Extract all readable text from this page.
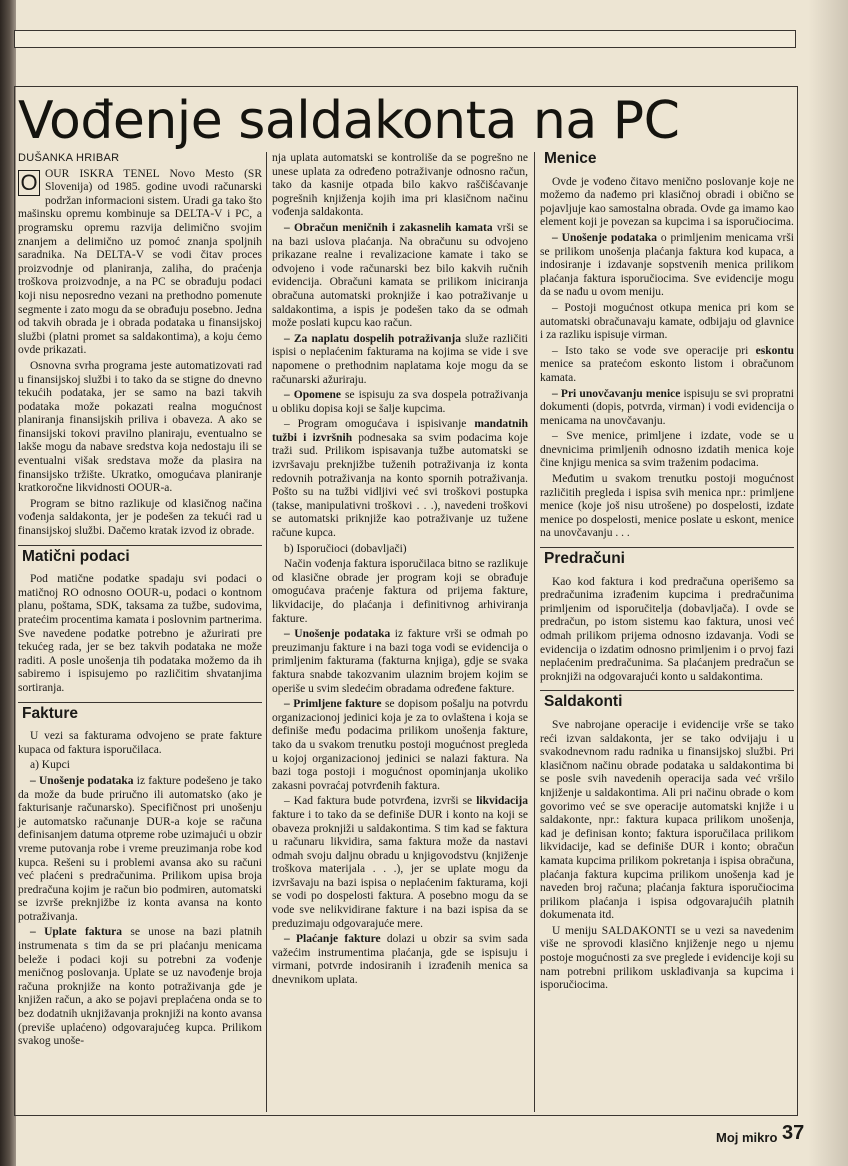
Vođenje saldakonta na PC

DUŠANKA HRIBAR

O OUR ISKRA TENEL Novo Mesto (SR Slovenija) od 1985. godine uvodi računarski podržan informacioni sistem. Uradi ga tako što mašinsku opremu kombinuje sa DELTA-V i PC, a programsku opremu razvija delimično svojim znanjem a delimično uz pomoć znanja spoljnih saradnika. Na DELTA-V se vodi čitav proces proizvodnje od planiranja, zaliha, do praćenja troškova proizvodnje, a na PC se obrađuju podaci koji nisu neposredno vezani na prethodno pomenute segmente i zato mogu da se obrađuju posebno. Jedna od takvih obrada je i obrada podataka u finansijskoj službi (platni promet sa saldakontima), a koju ćemo ovde prikazati.

Osnovna svrha programa jeste automatizovati rad u finansijskoj službi i to tako da se stigne do dnevno tekućih podataka, jer se samo na bazi takvih podataka može pokazati realna mogućnost planiranja finansijskih priliva i obaveza. A ako se finansijski tokovi pravilno planiraju, eventualno se lakše mogu da nabave sredstva koja nedostaju ili se eventualni višak sredstava može da plasira na finansijsko tržište. Ukratko, omogućava planiranje kratkoročne likvidnosti OOUR-a.

Program se bitno razlikuje od klasičnog načina vođenja saldakonta, jer je podešen za tekući rad u finansijskoj službi. Dačemo kratak izvod iz obrade.

Matični podaci

Pod matične podatke spadaju svi podaci o matičnoj RO odnosno OOUR-u, podaci o kontnom planu, poštama, SDK, taksama za tužbe, sudovima, pratećim procentima kamata i poslovnim partnerima. Sve navedene podatke potrebno je ažurirati pre tekućeg rada, jer se bez takvih podataka ne može raditi. A posle unošenja tih podataka možemo da ih sabiremo i ispisujemo po različitim shvatanjima sortiranja.

Fakture

U vezi sa fakturama odvojeno se prate fakture kupaca od faktura isporučilaca.

a) Kupci

– Unošenje podataka iz fakture podešeno je tako da može da bude priručno ili automatsko (ako je fakturisanje računarsko). Specifičnost pri unošenju je automatsko računanje DUR-a koje se računa definisanjem datuma otpreme robe uzimajući u obzir vreme putovanja robe i vreme preuzimanja robe kod kupca. Rešeni su i problemi avansa ako su računi već plaćeni s predračunima. Prilikom upisa broja predračuna kojim je račun bio podmiren, automatski se izvrše preknjižbe iz konta avansa na konto potraživanja.

– Uplate faktura se unose na bazi platnih instrumenata s tim da se pri plaćanju menicama beleže i podaci koji su potrebni za vođenje meničnog poslovanja. Uplate se uz navođenje broja računa proknjiže na konto potraživanja gde je knjižen račun, a ako se pojavi preplaćena onda se to bez dodatnih uknjižavanja proknjiži na konto avansa (previše uplaćeno) odgovarajućeg kupca. Prilikom svakog unoše-

nja uplata automatski se kontroliše da se pogrešno ne unese uplata za određeno potraživanje odnosno račun, tako da kasnije otpada bilo kakvo raščišćavanje pogrešnih knjiženja kojih ima pri klasičnom načinu vođenja saldakonta.

– Obračun meničnih i zakasnelih kamata vrši se na bazi uslova plaćanja. Na obračunu su odvojeno prikazane realne i revalizacione kamate i tako se odvojeno i vode računarski bez bilo kakvih ručnih evidencija. Obračuni kamata se prilikom iniciranja obračuna automatski proknjiže i kao potraživanje u saldakontima, a ispis je podešen tako da se odmah može poslati kupcu kao račun.

– Za naplatu dospelih potraživanja služe različiti ispisi o neplaćenim fakturama na kojima se vide i sve napomene o prethodnim naplatama koje mogu da se računarski ažuriraju.

– Opomene se ispisuju za sva dospela potraživanja u obliku dopisa koji se šalje kupcima.

– Program omogućava i ispisivanje mandatnih tužbi i izvršnih podnesaka sa svim podacima koje traži sud. Prilikom ispisavanja tužbe automatski se izvršavaju preknjižbe tuženih potraživanja iz konta redovnih potraživanja na konto spornih potraživanja. Pošto su na tužbi vidljivi već svi troškovi postupka (takse, manipulativni troškovi . . .), navedeni troškovi se automatski priknjiže kao potraživanje uz tužene račune kupca.

b) Isporučioci (dobavljači)

Način vođenja faktura isporučilaca bitno se razlikuje od klasične obrade jer program koji se obrađuje omogućava praćenje faktura od prijema fakture, likvidacije, do plaćanja i definitivnog arhiviranja fakture.

– Unošenje podataka iz fakture vrši se odmah po preuzimanju fakture i na bazi toga vodi se evidencija o primljenim fakturama (fakturna knjiga), gdje se svaka faktura snabde takozvanim ulaznim brojem kojim se operiše u svim sledećim obradama određene fakture.

– Primljene fakture se dopisom pošalju na potvrdu organizacionoj jedinici koja je za to ovlaštena i koja se definiše među podacima prilikom unošenja fakture, tako da u svakom trenutku postoji mogućnost pregleda u kojoj organizacionoj jedinici se nalazi faktura. Na bazi toga postoji i mogućnost opominjanja ukoliko zakasni povraćaj potvrđenih faktura.

– Kad faktura bude potvrđena, izvrši se likvidacija fakture i to tako da se definiše DUR i konto na koji se obaveza proknjiži u saldakontima. S tim kad se faktura u računaru likvidira, sama faktura može da nastavi odmah svoju daljnu obradu u knjigovodstvu (knjiženje troškova materijala . . .), jer se uplate mogu da izvršavaju na bazi ispisa o neplaćenim fakturama, koji se vodi po dospelosti faktura. A posebno mogu da se vode sve nelikvidirane fakture i na bazi ispisa da se preduzimaju odgovarajuće mere.

– Plaćanje fakture dolazi u obzir sa svim sada važećim instrumentima plaćanja, gde se ispisuju i virmani, potvrde indosiranih i izrađenih menica sa dnevnikom uplata.

Menice

Ovde je vođeno čitavo menično poslovanje koje ne možemo da nađemo pri klasičnoj obradi i obično se pojavljuje kao samostalna obrada. Ovde ga imamo kao element koji je povezan sa kupcima i sa isporučiocima.

– Unošenje podataka o primljenim menicama vrši se prilikom unošenja plaćanja faktura kod kupaca, a indosiranje i izdavanje sopstvenih menica prilikom plaćanja faktura isporučiocima. Sve evidencije mogu da se nađu u ovom meniju.

– Postoji mogućnost otkupa menica pri kom se automatski obračunavaju kamate, odbijaju od glavnice i za razliku ispisuje virman.

– Isto tako se vode sve operacije pri eskontu menice sa pratećom eskonto listom i obračunom kamata.

– Pri unovčavanju menice ispisuju se svi propratni dokumenti (dopis, potvrda, virman) i vodi evidencija o menicama na unovčavanju.

– Sve menice, primljene i izdate, vode se u dnevnicima primljenih odnosno izdatih menica koje čine knjigu menica sa svim traženim podacima.

Međutim u svakom trenutku postoji mogućnost različitih pregleda i ispisa svih menica npr.: primljene menice (koje još nisu utrošene) po dospelosti, izdate menice po dospelosti, menice poslate u eskont, menice na unovčavanju . . .

Predračuni

Kao kod faktura i kod predračuna operišemo sa predračunima izrađenim kupcima i predračunima primljenim od isporučitelja (dobavljača). I ovde se predračun, po istom sistemu kao faktura, unosi već odmah prilikom prijema odnosno izdavanja. Vodi se evidencija o izdatim odnosno primljenim i o prvoj fazi neplaćenim predračunima. Sa plaćanjem predračun se proknjiži na odgovarajući konto u saldakontima.

Saldakonti

Sve nabrojane operacije i evidencije vrše se tako reći izvan saldakonta, jer se tako odvijaju i u svakodnevnom radu radnika u finansijskoj službi. Pri klasičnom načinu obrade podataka u saldakontima bi se posle svih navedenih operacija sada već vršilo knjiženje u saldakontima. Ali pri načinu obrade o kom govorimo već se sve operacije automatski knjiže i u saldakonte, npr.: faktura kupaca prilikom unošenja, kad je definisan konto; faktura isporučilaca prilikom likvidacije, kad se definiše DUR i konto; obračun kamata kupcima prilikom pokretanja i ispisa obračuna, plaćanja faktura kupcima prilikom unošenja kad je naveden broj računa; plaćanja faktura isporučiocima prilikom plaćanja i ispisa odgovarajućih platnih dokumenata itd.

U meniju SALDAKONTI se u vezi sa navedenim više ne sprovodi klasično knjiženje nego u njemu postoje mogućnosti za sve preglede i evidencije koji su nam potrebni prilikom usklađivanja sa kupcima i isporučiocima.

Moj mikro 37
